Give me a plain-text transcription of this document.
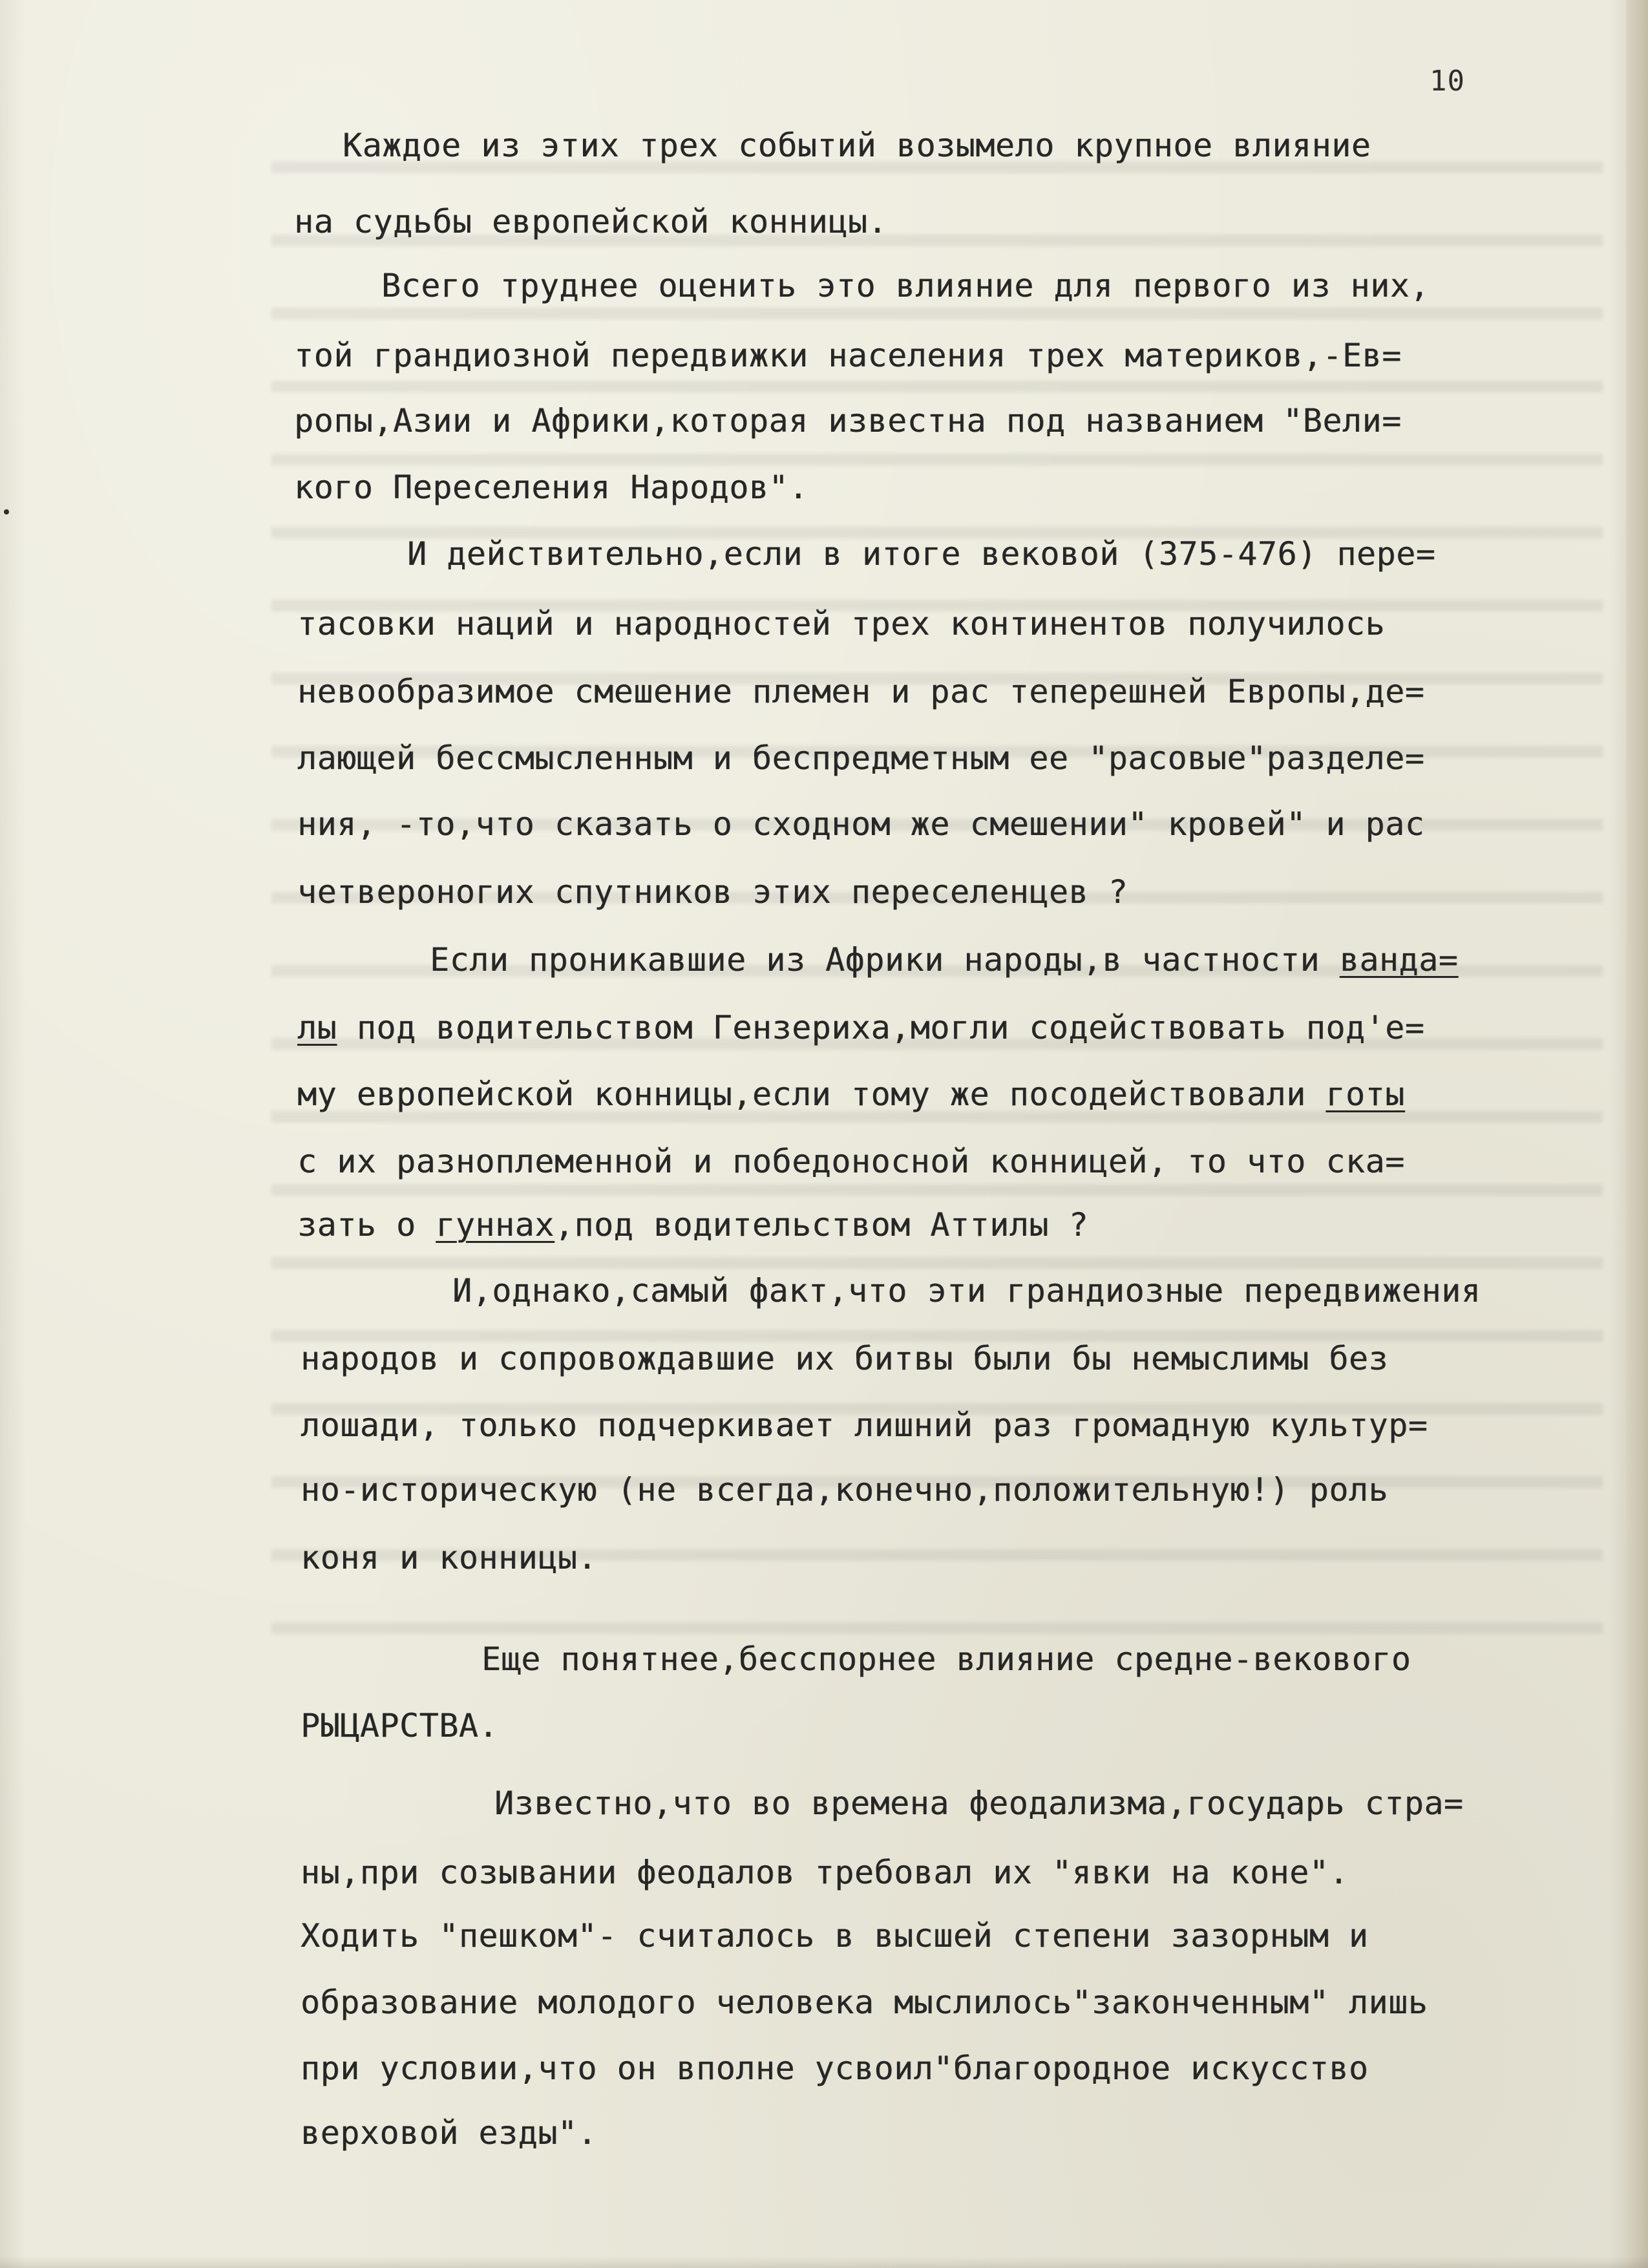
10
Каждое из этих трех событий возымело крупное влияние
на судьбы европейской конницы.
Всего труднее оценить это влияние для первого из них,
той грандиозной передвижки населения трех материков,-Ев=
ропы,Азии и Африки,которая известна под названием "Вели=
кого Переселения Народов".
И действительно,если в итоге вековой (375-476) пере=
тасовки наций и народностей трех континентов получилось
невообразимое смешение племен и рас теперешней Европы,де=
лающей бессмысленным и беспредметным ее "расовые"разделе=
ния, -то,что сказать о сходном же смешении" кровей" и рас
четвероногих спутников этих переселенцев ?
Если проникавшие из Африки народы,в частности ванда=
лы под водительством Гензериха,могли содействовать под'е=
му европейской конницы,если тому же посодействовали готы
с их разноплеменной и победоносной конницей, то что ска=
зать о гуннах,под водительством Аттилы ?
И,однако,самый факт,что эти грандиозные передвижения
народов и сопровождавшие их битвы были бы немыслимы без
лошади, только подчеркивает лишний раз громадную культур=
но-историческую (не всегда,конечно,положительную!) роль
коня и конницы.
Еще понятнее,бесспорнее влияние средне-векового
РЫЦАРСТВА.
Известно,что во времена феодализма,государь стра=
ны,при созывании феодалов требовал их "явки на коне".
Ходить "пешком"- считалось в высшей степени зазорным и
образование молодого человека мыслилось"законченным" лишь
при условии,что он вполне усвоил"благородное искусство
верховой езды".
